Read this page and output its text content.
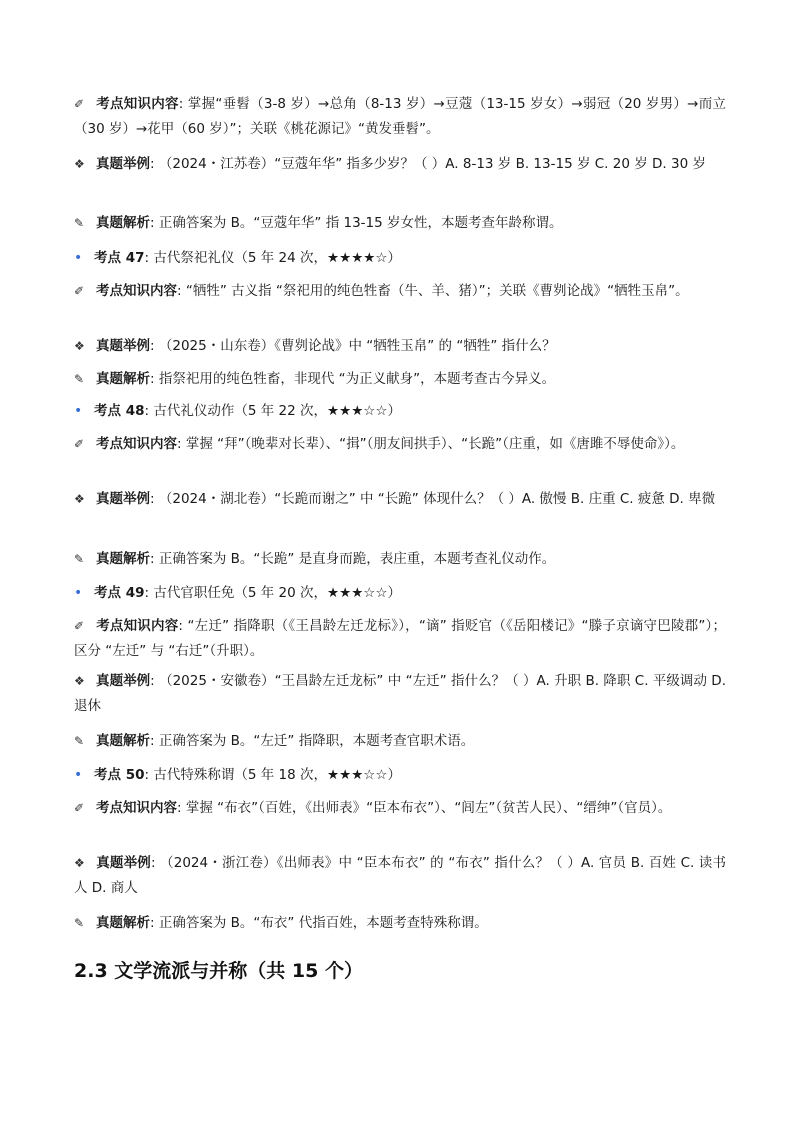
✐ 考点知识内容: 掌握“垂髫（3-8 岁）→总角（8-13 岁）→豆蔻（13-15 岁女）→弱冠（20 岁男）→而立（30 岁）→花甲（60 岁）”；关联《桃花源记》“黄发垂髫”。

❖ 真题举例: （2024・江苏卷）“豆蔻年华” 指多少岁？（ ）A. 8-13 岁 B. 13-15 岁 C. 20 岁 D. 30 岁

✎ 真题解析: 正确答案为 B。“豆蔻年华” 指 13-15 岁女性，本题考查年龄称谓。

• 考点 47: 古代祭祀礼仪（5 年 24 次，★★★★☆）

✐ 考点知识内容: “牺牲” 古义指 “祭祀用的纯色牲畜（牛、羊、猪）”；关联《曹刿论战》“牺牲玉帛”。

❖ 真题举例: （2025・山东卷）《曹刿论战》中 “牺牲玉帛” 的 “牺牲” 指什么？

✎ 真题解析: 指祭祀用的纯色牲畜，非现代 “为正义献身”，本题考查古今异义。

• 考点 48: 古代礼仪动作（5 年 22 次，★★★☆☆）

✐ 考点知识内容: 掌握 “拜”（晚辈对长辈）、“揖”（朋友间拱手）、“长跪”（庄重，如《唐雎不辱使命》）。

❖ 真题举例: （2024・湖北卷）“长跪而谢之” 中 “长跪” 体现什么？（ ）A. 傲慢 B. 庄重 C. 疲惫 D. 卑微

✎ 真题解析: 正确答案为 B。“长跪” 是直身而跪，表庄重，本题考查礼仪动作。

• 考点 49: 古代官职任免（5 年 20 次，★★★☆☆）

✐ 考点知识内容: “左迁” 指降职（《王昌龄左迁龙标》），“谪” 指贬官（《岳阳楼记》“滕子京谪守巴陵郡”）；区分 “左迁” 与 “右迁”（升职）。

❖ 真题举例: （2025・安徽卷）“王昌龄左迁龙标” 中 “左迁” 指什么？（ ）A. 升职 B. 降职 C. 平级调动 D. 退休

✎ 真题解析: 正确答案为 B。“左迁” 指降职，本题考查官职术语。

• 考点 50: 古代特殊称谓（5 年 18 次，★★★☆☆）

✐ 考点知识内容: 掌握 “布衣”（百姓，《出师表》“臣本布衣”）、“闾左”（贫苦人民）、“缙绅”（官员）。

❖ 真题举例: （2024・浙江卷）《出师表》中 “臣本布衣” 的 “布衣” 指什么？（ ）A. 官员 B. 百姓 C. 读书人 D. 商人

✎ 真题解析: 正确答案为 B。“布衣” 代指百姓，本题考查特殊称谓。

2.3 文学流派与并称（共 15 个）
